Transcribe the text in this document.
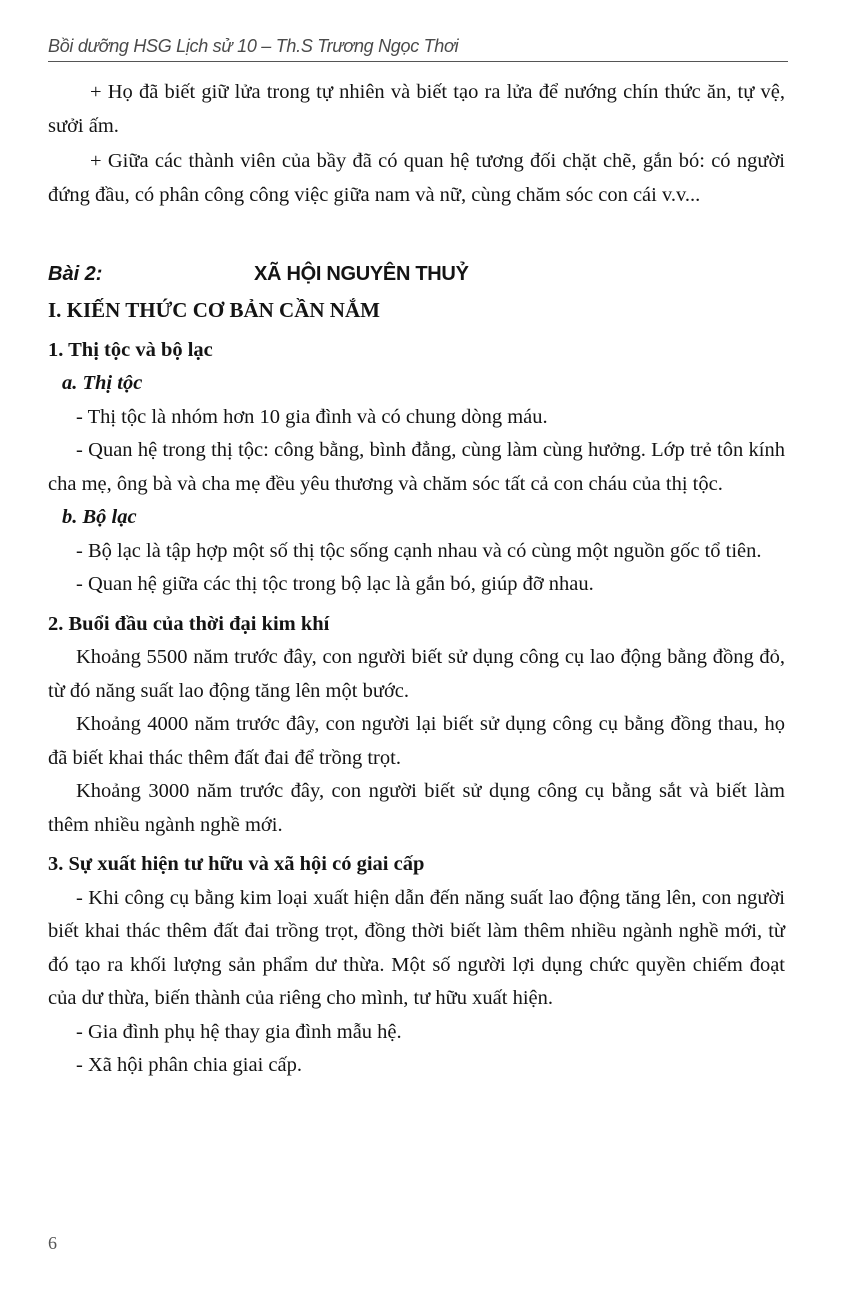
Bồi dưỡng HSG Lịch sử 10 – Th.S Trương Ngọc Thơi

+ Họ đã biết giữ lửa trong tự nhiên và biết tạo ra lửa để nướng chín thức ăn, tự vệ, sưởi ấm.

+ Giữa các thành viên của bầy đã có quan hệ tương đối chặt chẽ, gắn bó: có người đứng đầu, có phân công công việc giữa nam và nữ, cùng chăm sóc con cái v.v...

Bài 2:	XÃ HỘI NGUYÊN THUỶ

I. KIẾN THỨC CƠ BẢN CẦN NẮM

1. Thị tộc và bộ lạc

a. Thị tộc

- Thị tộc là nhóm hơn 10 gia đình và có chung dòng máu.

- Quan hệ trong thị tộc: công bằng, bình đẳng, cùng làm cùng hưởng. Lớp trẻ tôn kính cha mẹ, ông bà và cha mẹ đều yêu thương và chăm sóc tất cả con cháu của thị tộc.

b. Bộ lạc

- Bộ lạc là tập hợp một số thị tộc sống cạnh nhau và có cùng một nguồn gốc tổ tiên.

- Quan hệ giữa các thị tộc trong bộ lạc là gắn bó, giúp đỡ nhau.

2. Buổi đầu của thời đại kim khí

Khoảng 5500 năm trước đây, con người biết sử dụng công cụ lao động bằng đồng đỏ, từ đó năng suất lao động tăng lên một bước.

Khoảng 4000 năm trước đây, con người lại biết sử dụng công cụ bằng đồng thau, họ đã biết khai thác thêm đất đai để trồng trọt.

Khoảng 3000 năm trước đây, con người biết sử dụng công cụ bằng sắt và biết làm thêm nhiều ngành nghề mới.

3. Sự xuất hiện tư hữu và xã hội có giai cấp

- Khi công cụ bằng kim loại xuất hiện dẫn đến năng suất lao động tăng lên, con người biết khai thác thêm đất đai trồng trọt, đồng thời biết làm thêm nhiều ngành nghề mới, từ đó tạo ra khối lượng sản phẩm dư thừa. Một số người lợi dụng chức quyền chiếm đoạt của dư thừa, biến thành của riêng cho mình, tư hữu xuất hiện.

- Gia đình phụ hệ thay gia đình mẫu hệ.

- Xã hội phân chia giai cấp.

6
